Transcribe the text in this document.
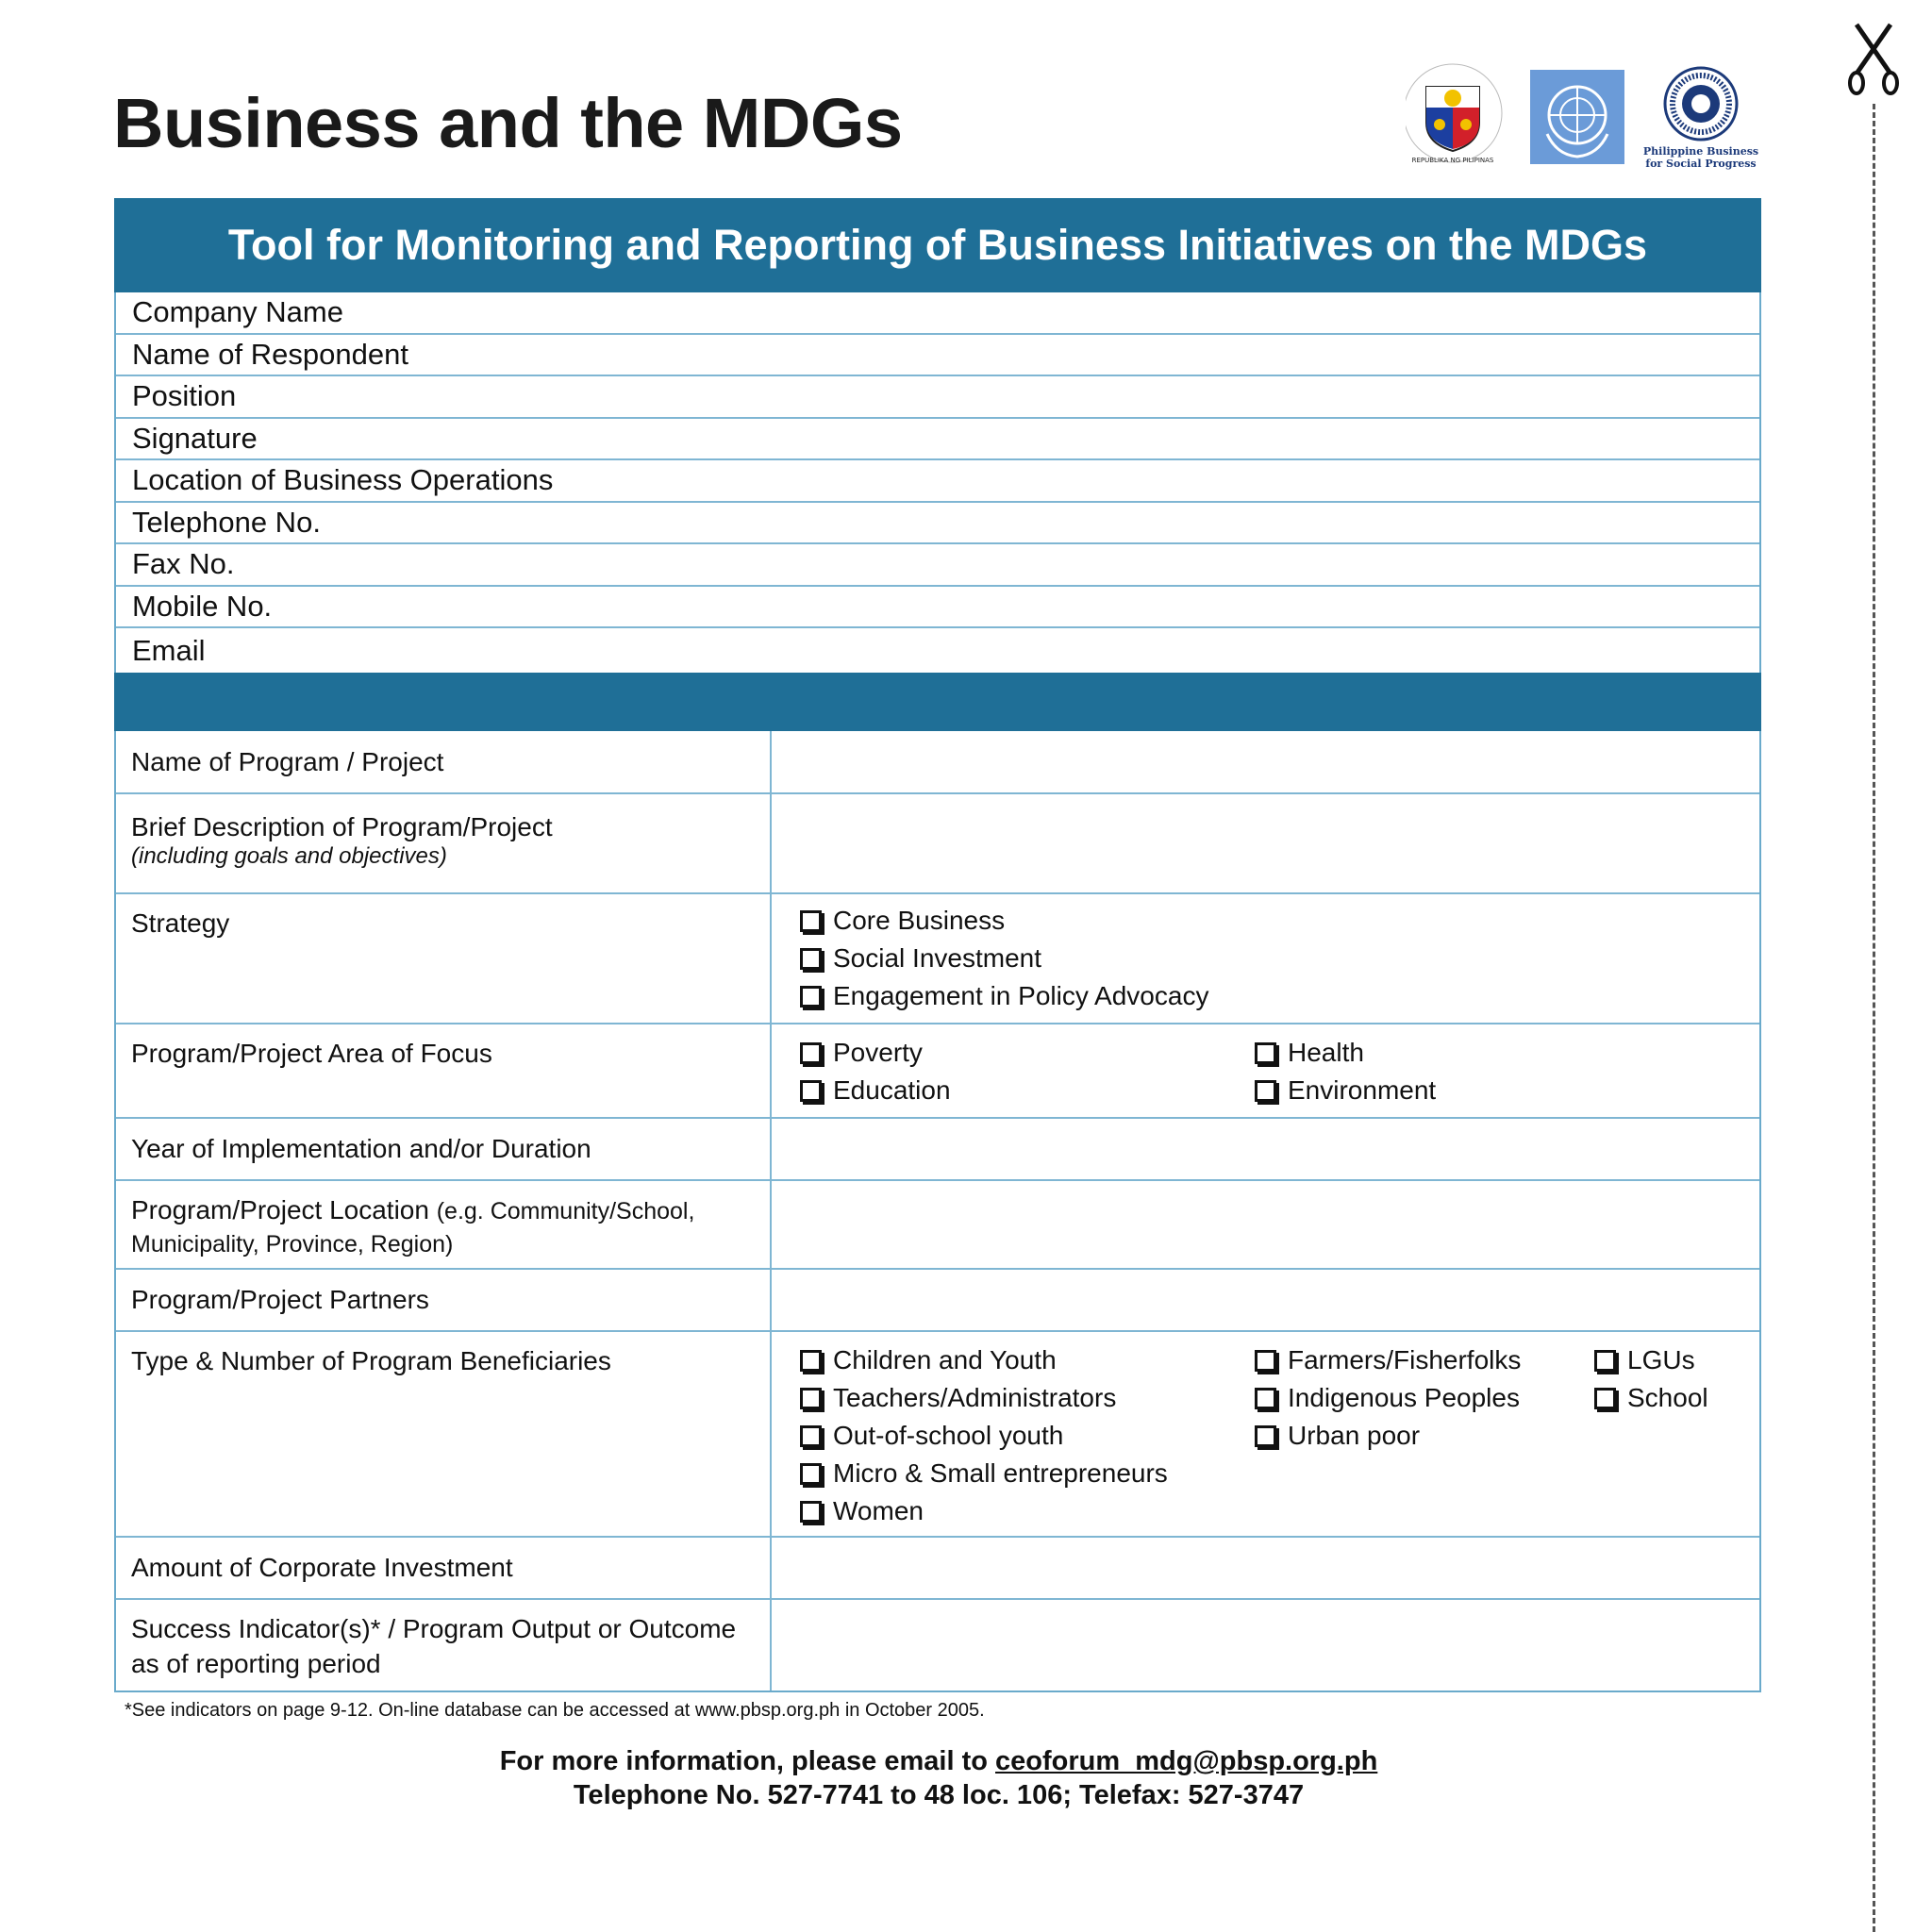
Business and the MDGs	REPUBLIKA NG PILIPINAS
Philippine Business
for Social Progress
Tool for Monitoring and Reporting of Business Initiatives on the MDGs
Company Name
Name of Respondent
Position
Signature
Location of Business Operations
Telephone No.
Fax No.
Mobile No.
Email
Name of Program / Project
Brief Description of Program/Project
(including goals and objectives)
Strategy	Core Business
Social Investment
Engagement in Policy Advocacy
Program/Project Area of Focus	Poverty
Education
Health
Environment
Year of Implementation and/or Duration
Program/Project Location (e.g. Community/School,
Municipality, Province, Region)
Program/Project Partners
Type & Number of Program Beneficiaries	Children and Youth
Teachers/Administrators
Out-of-school youth
Micro & Small entrepreneurs
Women
Farmers/Fisherfolks
Indigenous Peoples
Urban poor
LGUs
School
Amount of Corporate Investment
Success Indicator(s)* / Program Output or Outcome
as of reporting period
*See indicators on page 9-12. On-line database can be accessed at www.pbsp.org.ph in October 2005.
For more information, please email to ceoforum_mdg@pbsp.org.ph
Telephone No. 527-7741 to 48 loc. 106; Telefax: 527-3747
